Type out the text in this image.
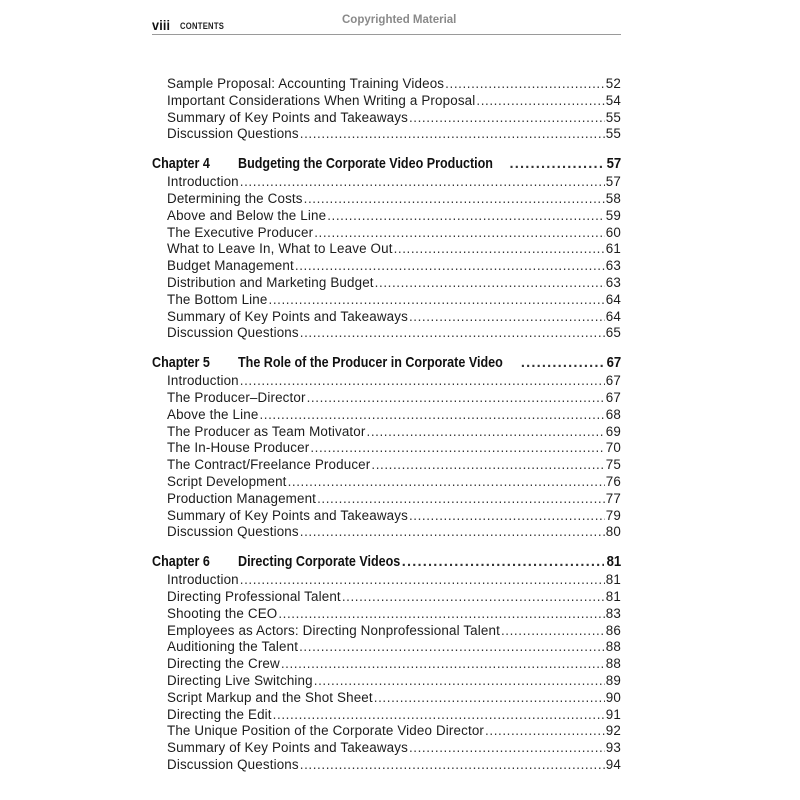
viii CONTENTS	Copyrighted Material
Sample Proposal: Accounting Training Videos .....	52
Important Considerations When Writing a Proposal .....	54
Summary of Key Points and Takeaways .....	55
Discussion Questions .....	55
Chapter 4 Budgeting the Corporate Video Production .....	57
Introduction .....	57
Determining the Costs .....	58
Above and Below the Line .....	59
The Executive Producer .....	60
What to Leave In, What to Leave Out .....	61
Budget Management .....	63
Distribution and Marketing Budget .....	63
The Bottom Line .....	64
Summary of Key Points and Takeaways .....	64
Discussion Questions .....	65
Chapter 5 The Role of the Producer in Corporate Video .....	67
Introduction .....	67
The Producer–Director .....	67
Above the Line .....	68
The Producer as Team Motivator .....	69
The In-House Producer .....	70
The Contract/Freelance Producer .....	75
Script Development .....	76
Production Management .....	77
Summary of Key Points and Takeaways .....	79
Discussion Questions .....	80
Chapter 6 Directing Corporate Videos .....	81
Introduction .....	81
Directing Professional Talent .....	81
Shooting the CEO .....	83
Employees as Actors: Directing Nonprofessional Talent .....	86
Auditioning the Talent .....	88
Directing the Crew .....	88
Directing Live Switching .....	89
Script Markup and the Shot Sheet .....	90
Directing the Edit .....	91
The Unique Position of the Corporate Video Director .....	92
Summary of Key Points and Takeaways .....	93
Discussion Questions .....	94
